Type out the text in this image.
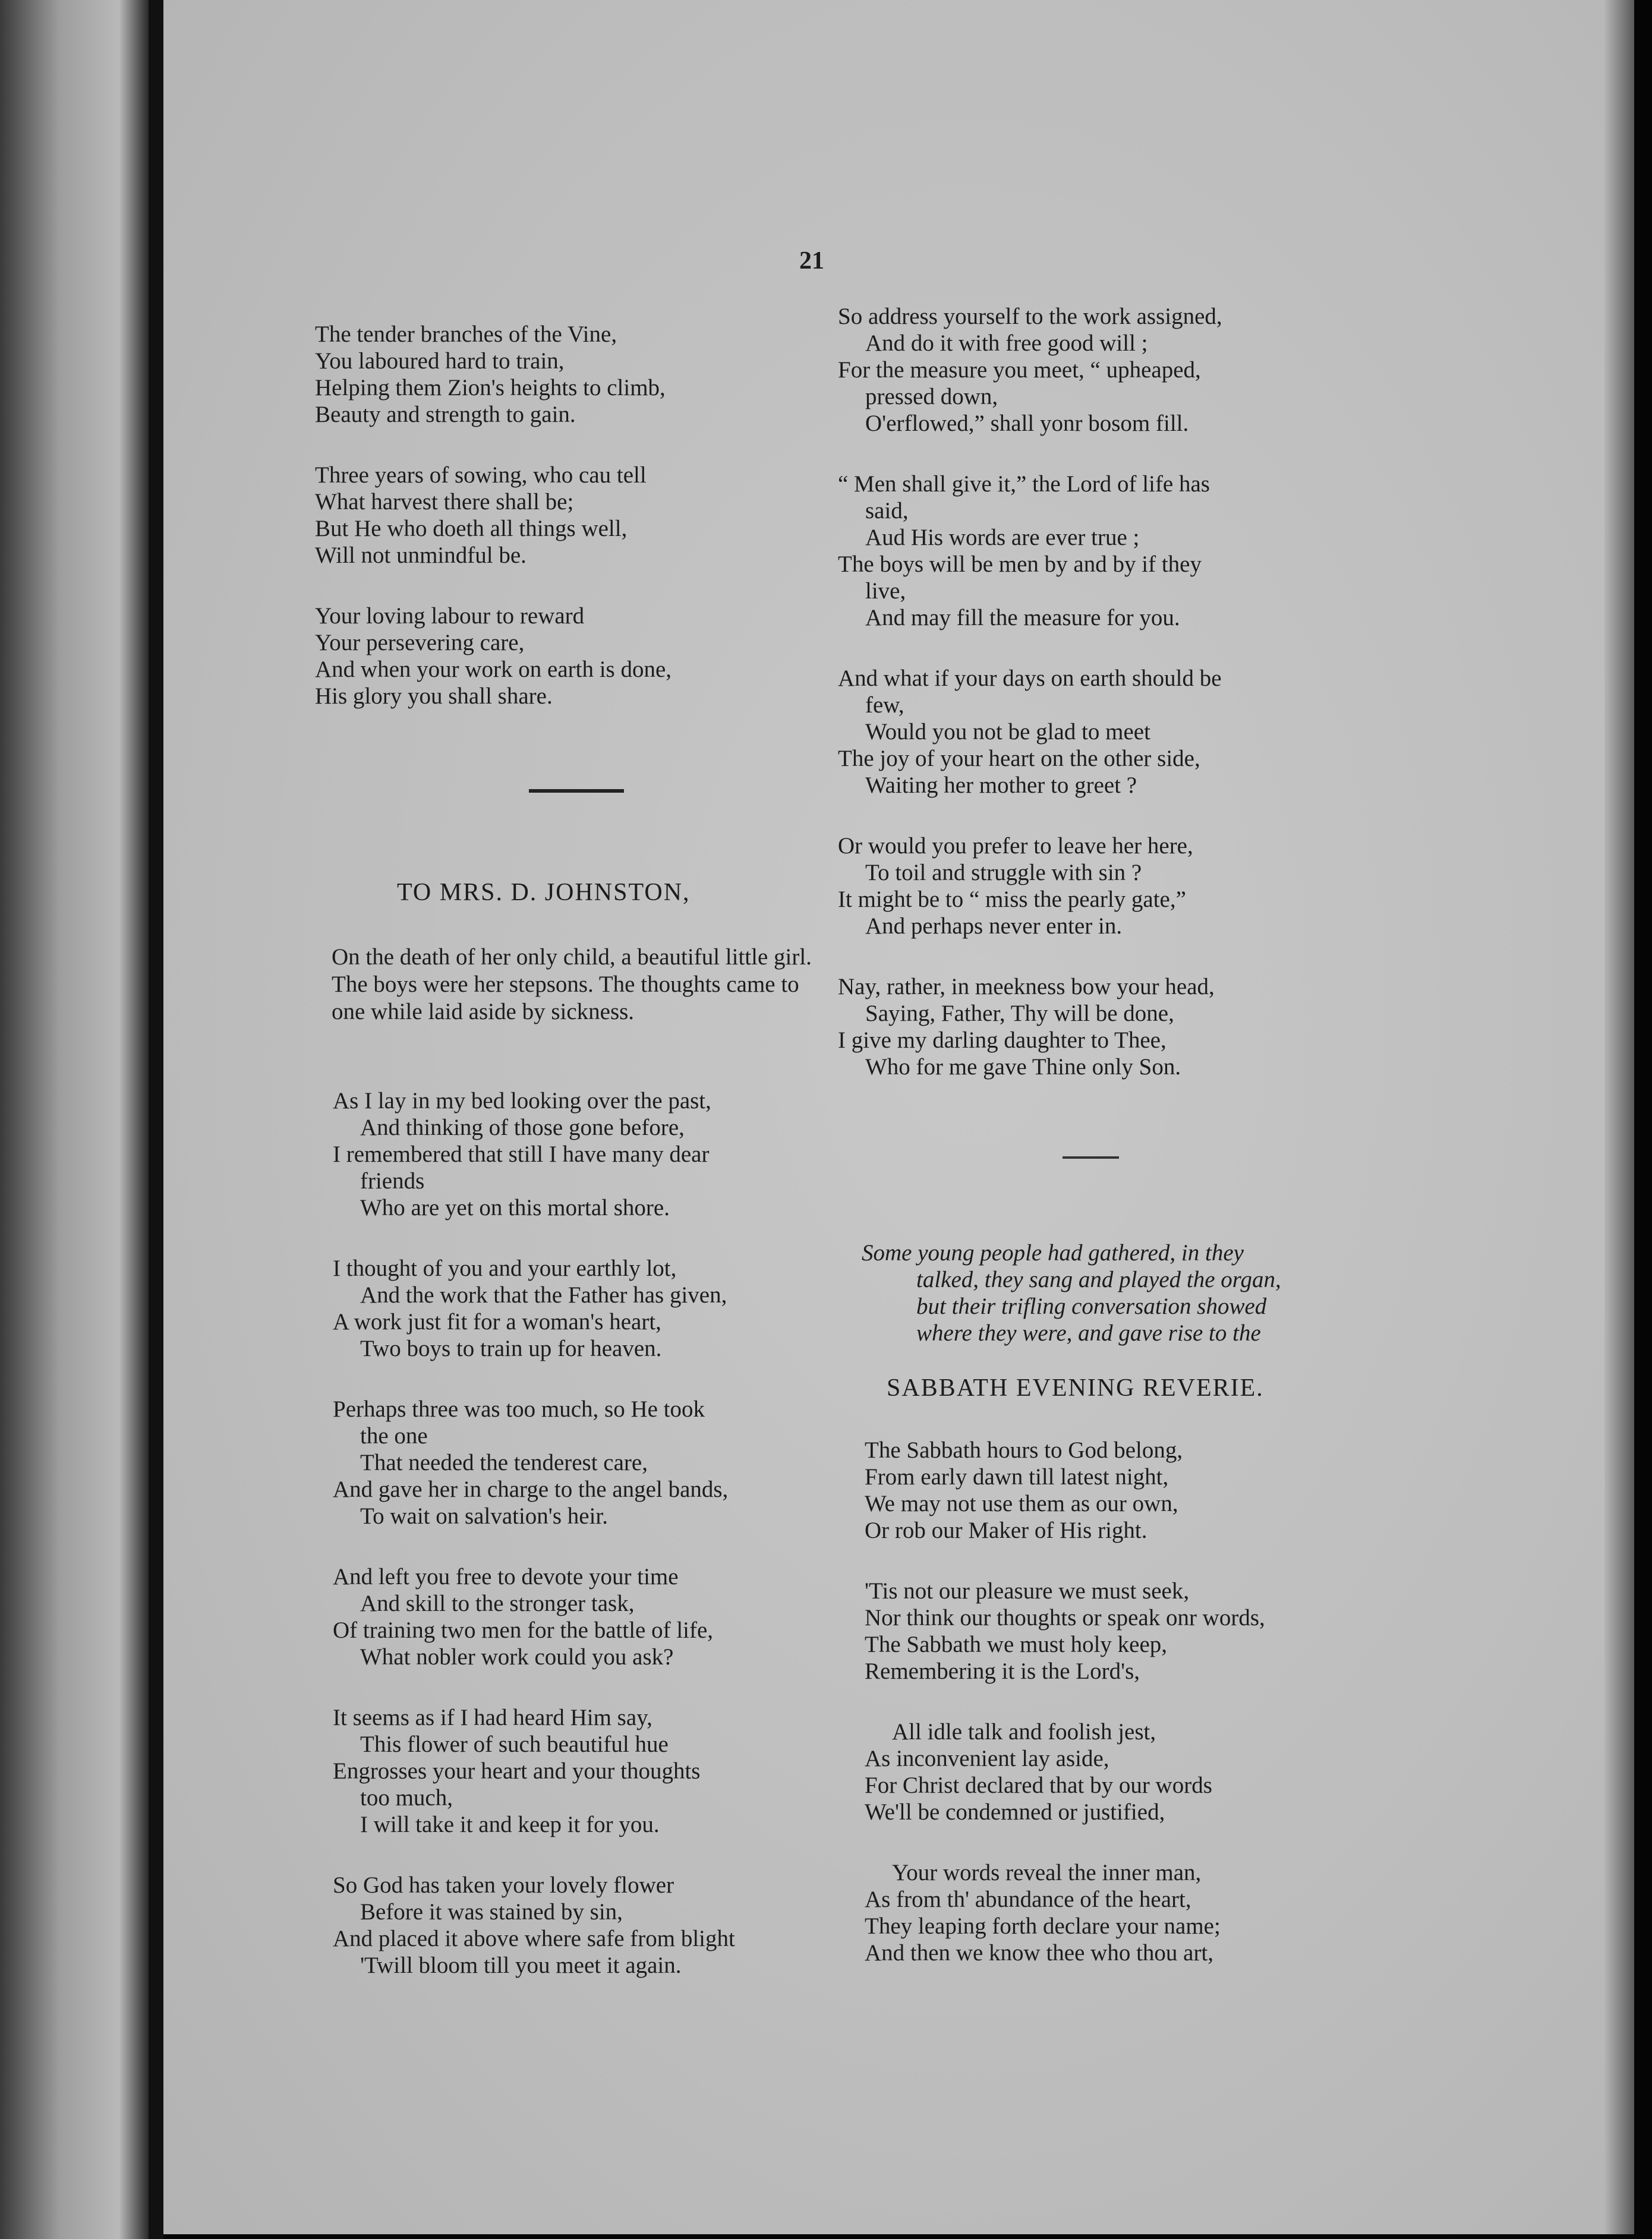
21
The tender branches of the Vine,
You laboured hard to train,
Helping them Zion's heights to climb,
Beauty and strength to gain.
Three years of sowing, who cau tell
What harvest there shall be;
But He who doeth all things well,
Will not unmindful be.
Your loving labour to reward
Your persevering care,
And when your work on earth is done,
His glory you shall share.
TO MRS. D. JOHNSTON,
On the death of her only child, a beautiful little girl. The boys were her stepsons. The thoughts came to one while laid aside by sickness.
As I lay in my bed looking over the past,
And thinking of those gone before,
I remembered that still I have many dear
friends
Who are yet on this mortal shore.
I thought of you and your earthly lot,
And the work that the Father has given,
A work just fit for a woman's heart,
Two boys to train up for heaven.
Perhaps three was too much, so He took
the one
That needed the tenderest care,
And gave her in charge to the angel bands,
To wait on salvation's heir.
And left you free to devote your time
And skill to the stronger task,
Of training two men for the battle of life,
What nobler work could you ask?
It seems as if I had heard Him say,
This flower of such beautiful hue
Engrosses your heart and your thoughts
too much,
I will take it and keep it for you.
So God has taken your lovely flower
Before it was stained by sin,
And placed it above where safe from blight
'Twill bloom till you meet it again.
So address yourself to the work assigned,
And do it with free good will ;
For the measure you meet, “ upheaped,
pressed down,
O'erflowed,” shall yonr bosom fill.
“ Men shall give it,” the Lord of life has
said,
Aud His words are ever true ;
The boys will be men by and by if they
live,
And may fill the measure for you.
And what if your days on earth should be
few,
Would you not be glad to meet
The joy of your heart on the other side,
Waiting her mother to greet ?
Or would you prefer to leave her here,
To toil and struggle with sin ?
It might be to “ miss the pearly gate,”
And perhaps never enter in.
Nay, rather, in meekness bow your head,
Saying, Father, Thy will be done,
I give my darling daughter to Thee,
Who for me gave Thine only Son.
Some young people had gathered, in they
talked, they sang and played the organ,
but their trifling conversation showed
where they were, and gave rise to the
SABBATH EVENING REVERIE.
The Sabbath hours to God belong,
From early dawn till latest night,
We may not use them as our own,
Or rob our Maker of His right.
'Tis not our pleasure we must seek,
Nor think our thoughts or speak onr words,
The Sabbath we must holy keep,
Remembering it is the Lord's,
All idle talk and foolish jest,
As inconvenient lay aside,
For Christ declared that by our words
We'll be condemned or justified,
Your words reveal the inner man,
As from th' abundance of the heart,
They leaping forth declare your name;
And then we know thee who thou art,
